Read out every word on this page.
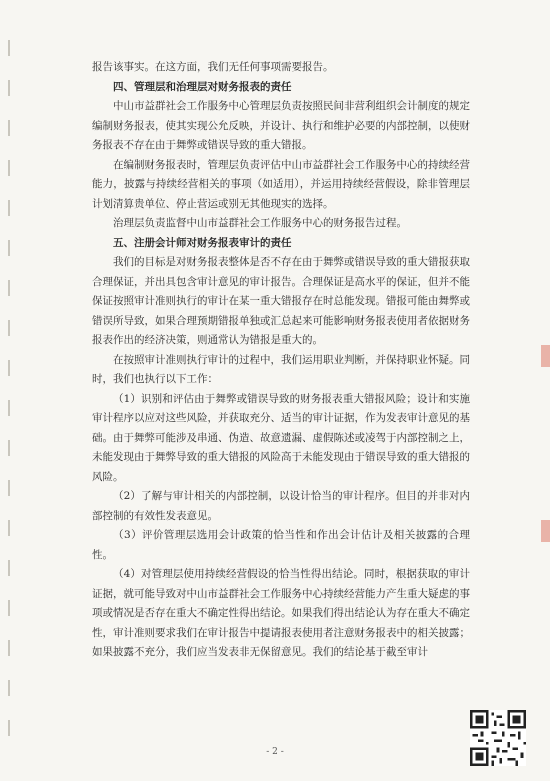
报告该事实。在这方面，我们无任何事项需要报告。

四、管理层和治理层对财务报表的责任

中山市益群社会工作服务中心管理层负责按照民间非营利组织会计制度的规定编制财务报表，使其实现公允反映，并设计、执行和维护必要的内部控制，以使财务报表不存在由于舞弊或错误导致的重大错报。

在编制财务报表时，管理层负责评估中山市益群社会工作服务中心的持续经营能力，披露与持续经营相关的事项（如适用），并运用持续经营假设，除非管理层计划清算贵单位、停止营运或别无其他现实的选择。

治理层负责监督中山市益群社会工作服务中心的财务报告过程。

五、注册会计师对财务报表审计的责任

我们的目标是对财务报表整体是否不存在由于舞弊或错误导致的重大错报获取合理保证，并出具包含审计意见的审计报告。合理保证是高水平的保证，但并不能保证按照审计准则执行的审计在某一重大错报存在时总能发现。错报可能由舞弊或错误所导致，如果合理预期错报单独或汇总起来可能影响财务报表使用者依据财务报表作出的经济决策，则通常认为错报是重大的。

在按照审计准则执行审计的过程中，我们运用职业判断，并保持职业怀疑。同时，我们也执行以下工作：

（1）识别和评估由于舞弊或错误导致的财务报表重大错报风险；设计和实施审计程序以应对这些风险，并获取充分、适当的审计证据，作为发表审计意见的基础。由于舞弊可能涉及串通、伪造、故意遗漏、虚假陈述或凌驾于内部控制之上，未能发现由于舞弊导致的重大错报的风险高于未能发现由于错误导致的重大错报的风险。

（2）了解与审计相关的内部控制，以设计恰当的审计程序。但目的并非对内部控制的有效性发表意见。

（3）评价管理层选用会计政策的恰当性和作出会计估计及相关披露的合理性。

（4）对管理层使用持续经营假设的恰当性得出结论。同时，根据获取的审计证据，就可能导致对中山市益群社会工作服务中心持续经营能力产生重大疑虑的事项或情况是否存在重大不确定性得出结论。如果我们得出结论认为存在重大不确定性，审计准则要求我们在审计报告中提请报表使用者注意财务报表中的相关披露；如果披露不充分，我们应当发表非无保留意见。我们的结论基于截至审计

- 2 -
